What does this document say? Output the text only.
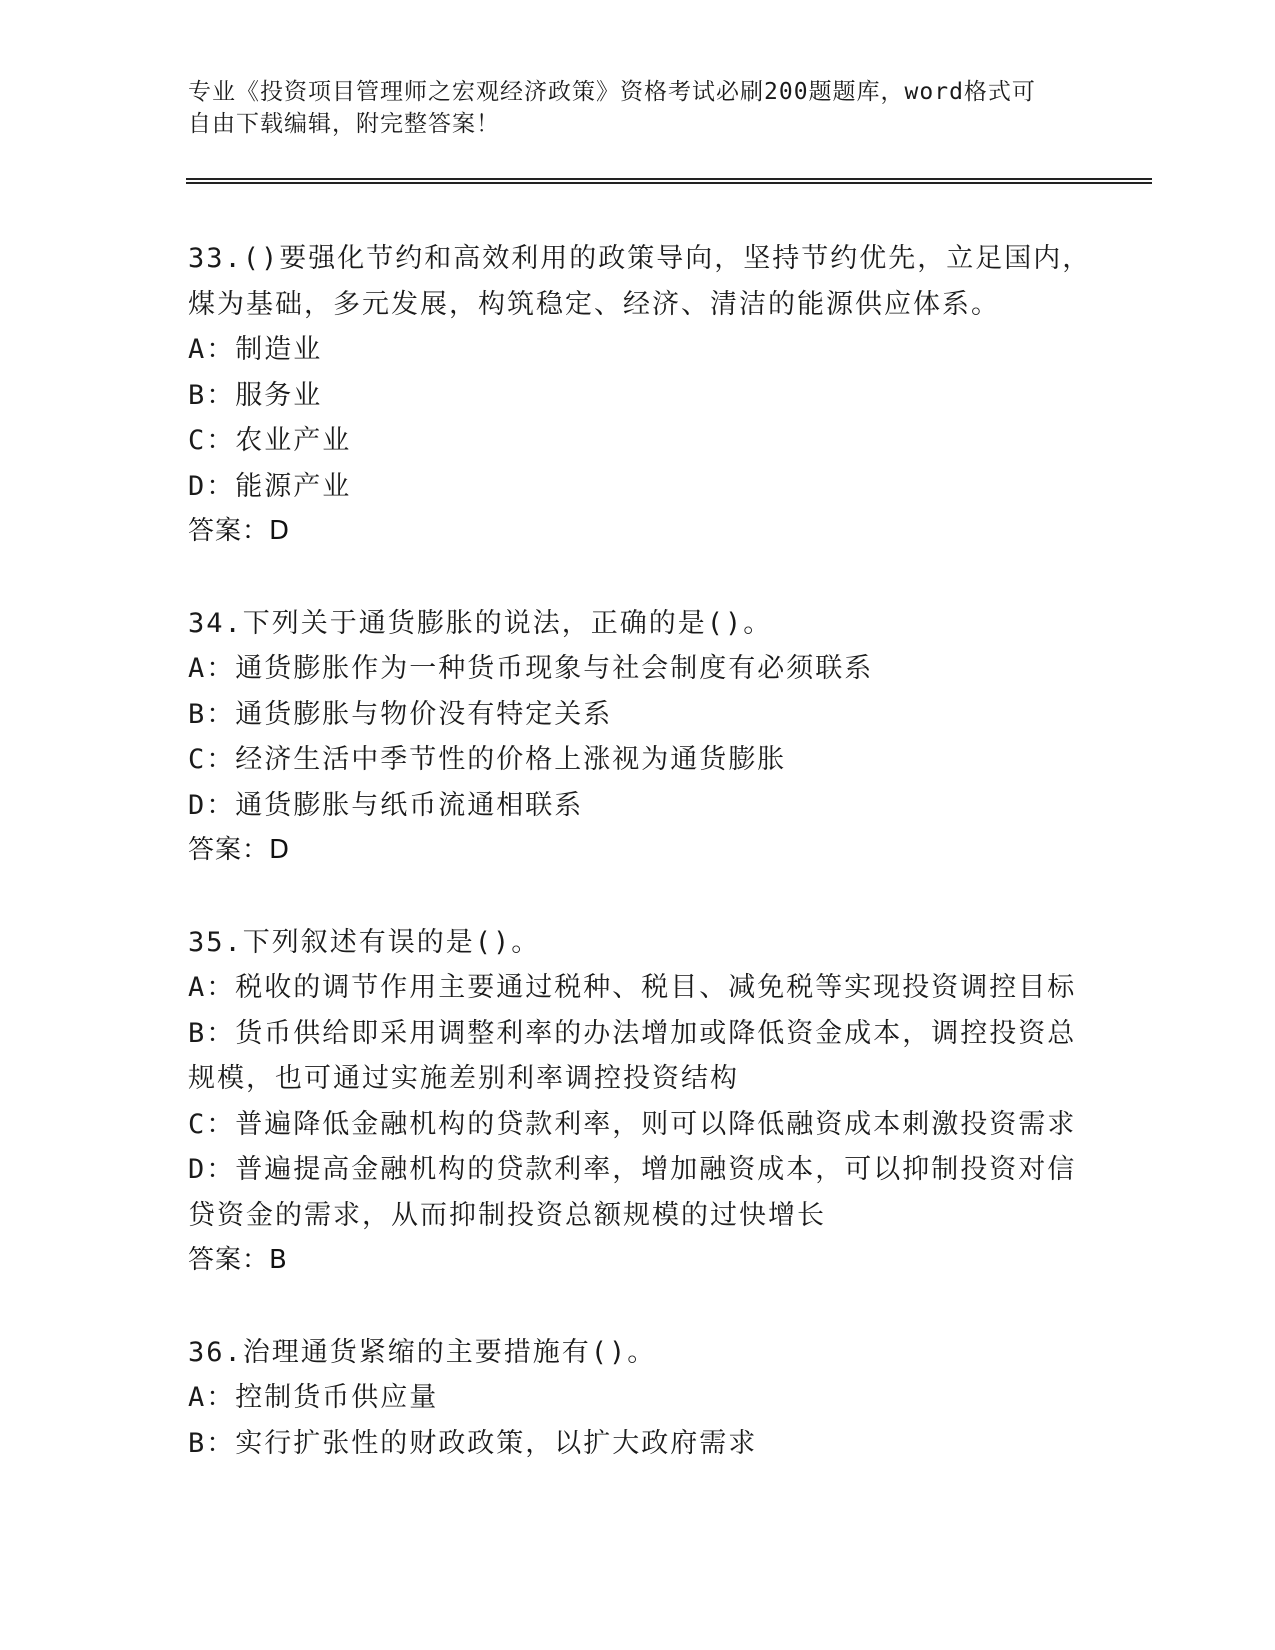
专业《投资项目管理师之宏观经济政策》资格考试必刷200题题库，word格式可
自由下载编辑，附完整答案！
33.()要强化节约和高效利用的政策导向，坚持节约优先，立足国内，
煤为基础，多元发展，构筑稳定、经济、清洁的能源供应体系。
A：制造业
B：服务业
C：农业产业
D：能源产业
答案：D
34.下列关于通货膨胀的说法，正确的是()。
A：通货膨胀作为一种货币现象与社会制度有必须联系
B：通货膨胀与物价没有特定关系
C：经济生活中季节性的价格上涨视为通货膨胀
D：通货膨胀与纸币流通相联系
答案：D
35.下列叙述有误的是()。
A：税收的调节作用主要通过税种、税目、减免税等实现投资调控目标
B：货币供给即采用调整利率的办法增加或降低资金成本，调控投资总
规模，也可通过实施差别利率调控投资结构
C：普遍降低金融机构的贷款利率，则可以降低融资成本刺激投资需求
D：普遍提高金融机构的贷款利率，增加融资成本，可以抑制投资对信
贷资金的需求，从而抑制投资总额规模的过快增长
答案：B
36.治理通货紧缩的主要措施有()。
A：控制货币供应量
B：实行扩张性的财政政策，以扩大政府需求
